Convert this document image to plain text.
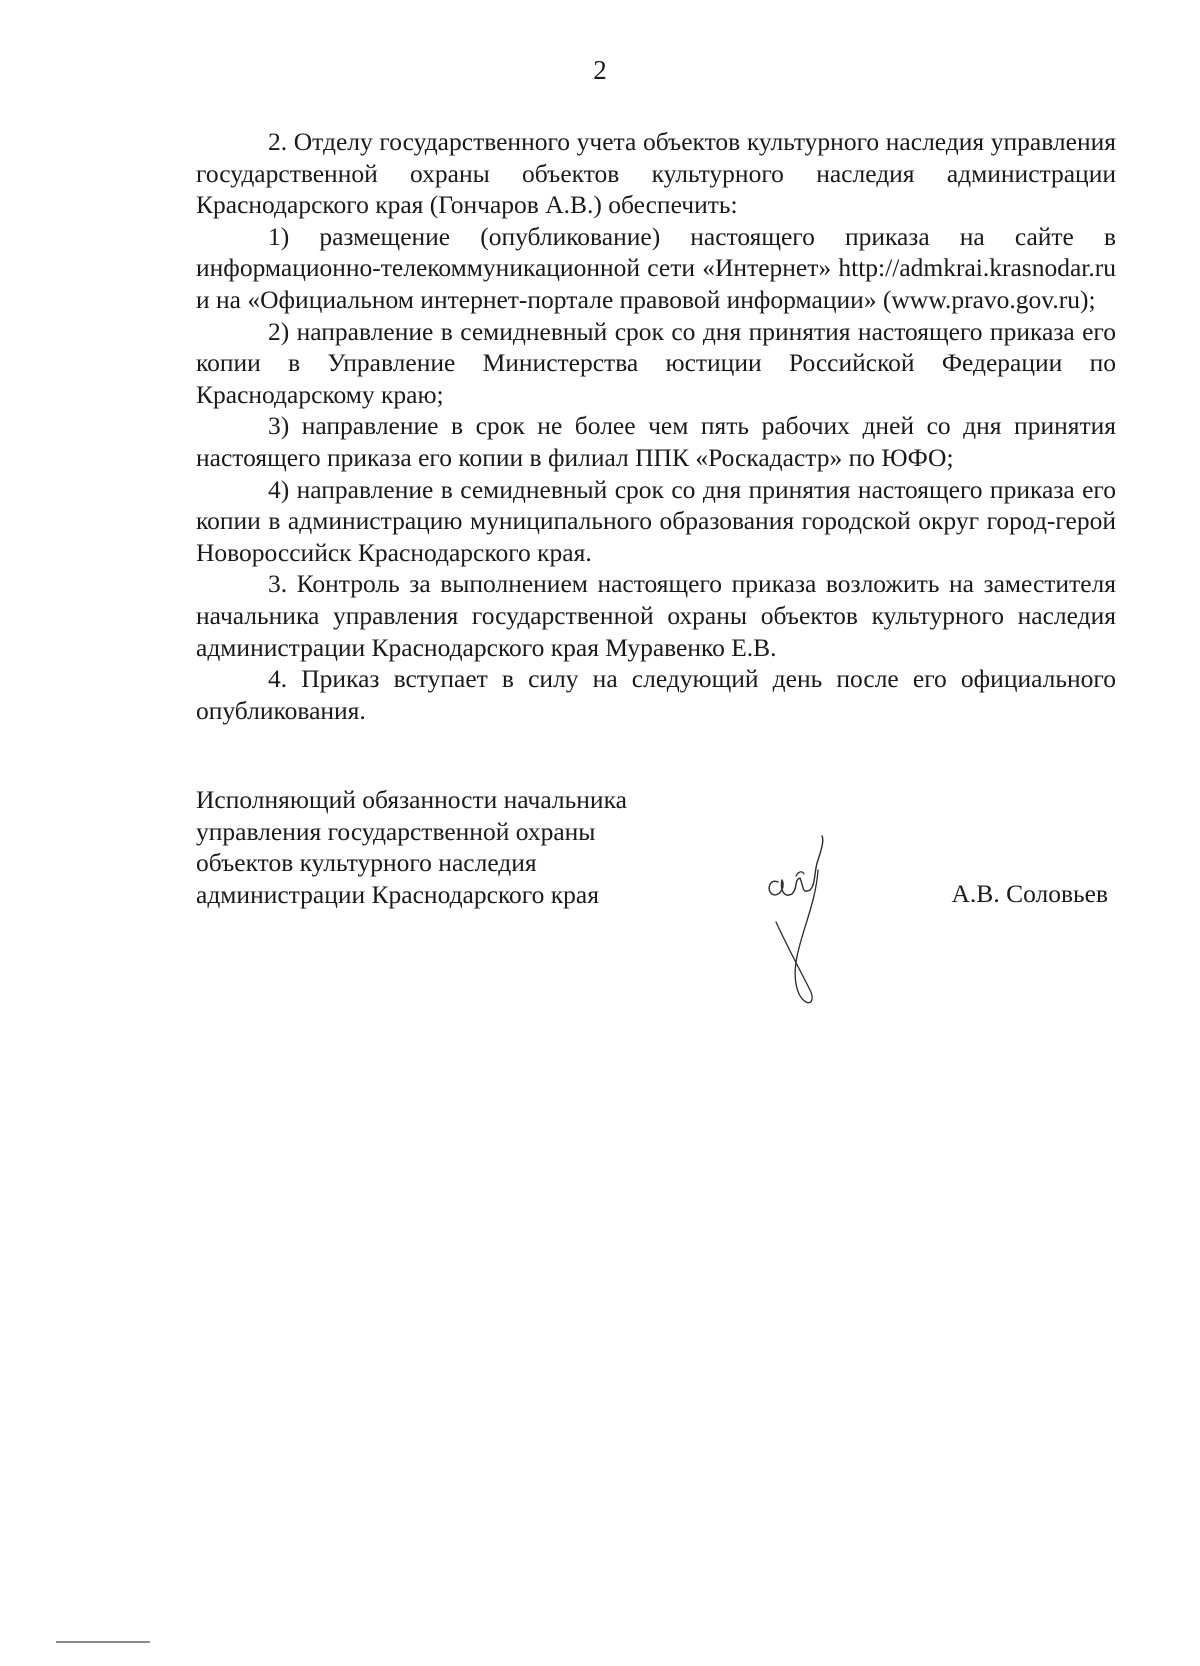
2

2. Отделу государственного учета объектов культурного наследия управления государственной охраны объектов культурного наследия администрации Краснодарского края (Гончаров А.В.) обеспечить:

1) размещение (опубликование) настоящего приказа на сайте в информационно-телекоммуникационной сети «Интернет» http://admkrai.krasnodar.ru и на «Официальном интернет-портале правовой информации» (www.pravo.gov.ru);

2) направление в семидневный срок со дня принятия настоящего приказа его копии в Управление Министерства юстиции Российской Федерации по Краснодарскому краю;

3) направление в срок не более чем пять рабочих дней со дня принятия настоящего приказа его копии в филиал ППК «Роскадастр» по ЮФО;

4) направление в семидневный срок со дня принятия настоящего приказа его копии в администрацию муниципального образования городской округ город-герой Новороссийск Краснодарского края.

3. Контроль за выполнением настоящего приказа возложить на заместителя начальника управления государственной охраны объектов культурного наследия администрации Краснодарского края Муравенко Е.В.

4. Приказ вступает в силу на следующий день после его официального опубликования.

Исполняющий обязанности начальника
управления государственной охраны
объектов культурного наследия
администрации Краснодарского края	А.В. Соловьев
